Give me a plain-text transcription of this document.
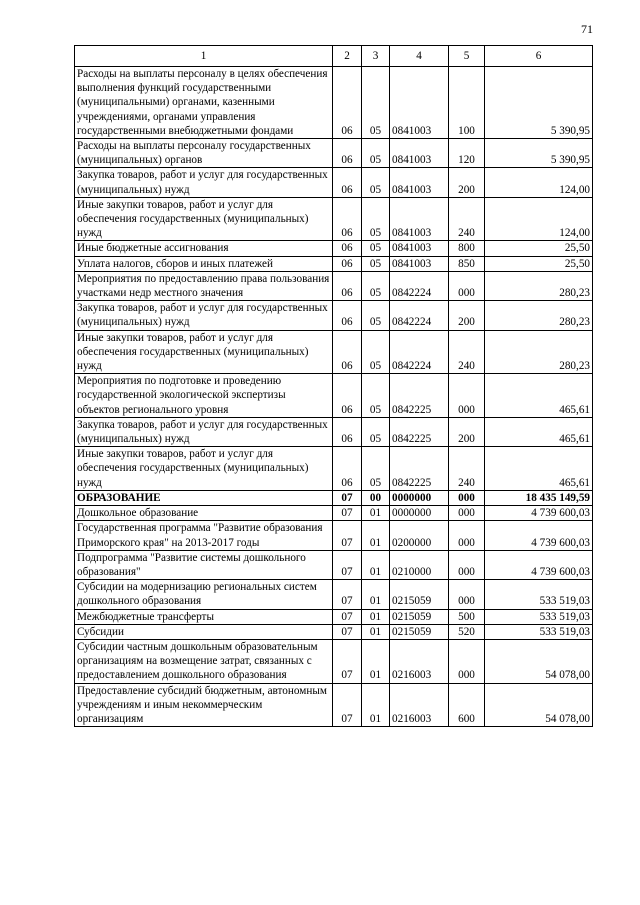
71
1	2	3	4	5	6
Расходы на выплаты персоналу в целях обеспечения выполнения функций государственными (муниципальными) органами, казенными учреждениями, органами управления государственными внебюджетными фондами	06	05	0841003	100	5 390,95
Расходы на выплаты персоналу государственных (муниципальных) органов	06	05	0841003	120	5 390,95
Закупка товаров, работ и услуг для государственных (муниципальных) нужд	06	05	0841003	200	124,00
Иные закупки товаров, работ и услуг для обеспечения государственных (муниципальных) нужд	06	05	0841003	240	124,00
Иные бюджетные ассигнования	06	05	0841003	800	25,50
Уплата налогов, сборов и иных платежей	06	05	0841003	850	25,50
Мероприятия по предоставлению права пользования участками недр местного значения	06	05	0842224	000	280,23
Закупка товаров, работ и услуг для государственных (муниципальных) нужд	06	05	0842224	200	280,23
Иные закупки товаров, работ и услуг для обеспечения государственных (муниципальных) нужд	06	05	0842224	240	280,23
Мероприятия по подготовке и проведению государственной экологической экспертизы объектов регионального уровня	06	05	0842225	000	465,61
Закупка товаров, работ и услуг для государственных (муниципальных) нужд	06	05	0842225	200	465,61
Иные закупки товаров, работ и услуг для обеспечения государственных (муниципальных) нужд	06	05	0842225	240	465,61
ОБРАЗОВАНИЕ	07	00	0000000	000	18 435 149,59
Дошкольное образование	07	01	0000000	000	4 739 600,03
Государственная программа "Развитие образования Приморского края" на 2013-2017 годы	07	01	0200000	000	4 739 600,03
Подпрограмма "Развитие системы дошкольного образования"	07	01	0210000	000	4 739 600,03
Субсидии на модернизацию региональных систем дошкольного образования	07	01	0215059	000	533 519,03
Межбюджетные трансферты	07	01	0215059	500	533 519,03
Субсидии	07	01	0215059	520	533 519,03
Субсидии частным дошкольным образовательным организациям на возмещение затрат, связанных с предоставлением дошкольного образования	07	01	0216003	000	54 078,00
Предоставление субсидий бюджетным, автономным учреждениям и иным некоммерческим организациям	07	01	0216003	600	54 078,00
